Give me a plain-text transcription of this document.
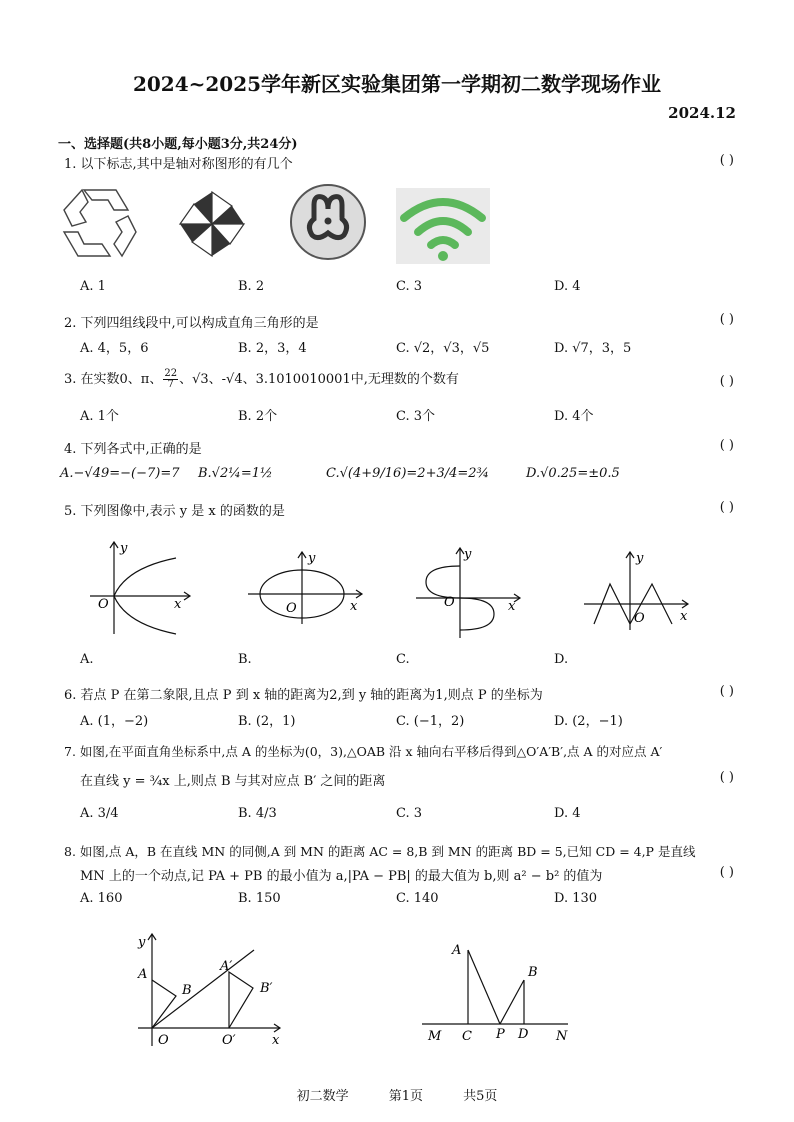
2024~2025学年新区实验集团第一学期初二数学现场作业
2024.12
一、选择题(共8小题,每小题3分,共24分)
1. 以下标志,其中是轴对称图形的有几个	( )
A. 1	B. 2	C. 3	D. 4
2. 下列四组线段中,可以构成直角三角形的是	( )
A. 4，5，6	B. 2，3，4	C. √2，√3，√5	D. √7，3，5
3. 在实数0、π、 $\frac{22}{7}$ 、√3、-√4、3.1010010001中,无理数的个数有	( )
A. 1个	B. 2个	C. 3个	D. 4个
4. 下列各式中,正确的是	( )
A.−√49=−(−7)=7 B.√2¼=1½	C.√(4+9/16)=2+3/4=2¾	D.√0.25=±0.5
5. 下列图像中,表示 y 是 x 的函数的是	( )
y
x
O
y
x
O
y
x
O
y
x
O
A.	B.	C.	D.
6. 若点 P 在第二象限,且点 P 到 x 轴的距离为2,到 y 轴的距离为1,则点 P 的坐标为	( )
A. (1，−2)	B. (2，1)	C. (−1，2)	D. (2，−1)
7. 如图,在平面直角坐标系中,点 A 的坐标为(0，3),△OAB 沿 x 轴向右平移后得到△O′A′B′,点 A 的对应点 A′
在直线 y = ¾x 上,则点 B 与其对应点 B′ 之间的距离	( )
A. 3/4	B. 4/3	C. 3	D. 4
8. 如图,点 A，B 在直线 MN 的同侧,A 到 MN 的距离 AC = 8,B 到 MN 的距离 BD = 5,已知 CD = 4,P 是直线
MN 上的一个动点,记 PA + PB 的最小值为 a,|PA − PB| 的最大值为 b,则 a² − b² 的值为	( )
A. 160	B. 150	C. 140	D. 130
A
B
A′
B′
O	O′	x
y
A
B
M C P D N
初二数学	第1页	共5页
